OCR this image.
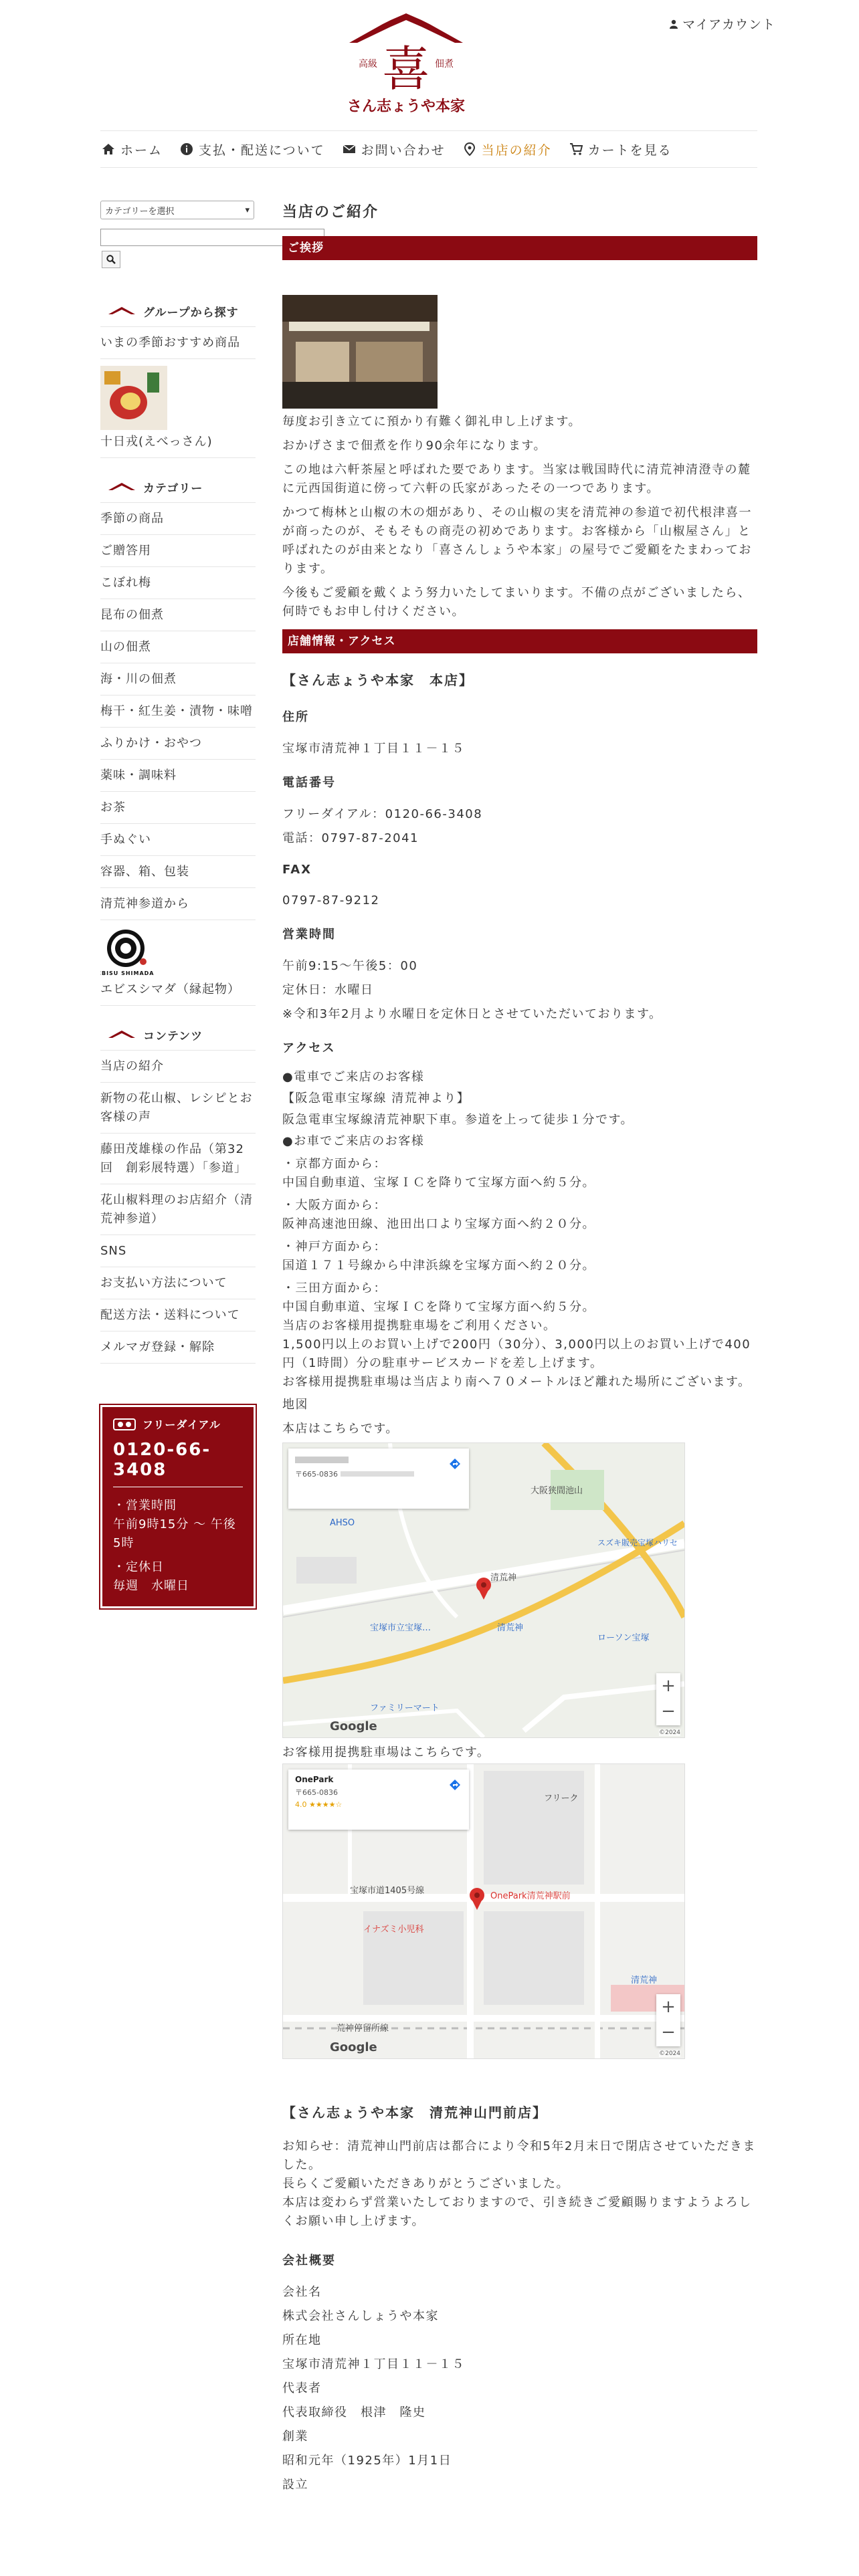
喜
高級	佃煮
さん志ょうや本家
マイアカウント
ホーム	支払・配送について	お問い合わせ	当店の紹介	カートを見る
カテゴリーを選択	▾
グループから探す
いまの季節おすすめ商品
十日戎(えべっさん)
カテゴリー
季節の商品
ご贈答用
こぼれ梅
昆布の佃煮
山の佃煮
海・川の佃煮
梅干・紅生姜・漬物・味噌
ふりかけ・おやつ
薬味・調味料
お茶
手ぬぐい
容器、箱、包装
清荒神参道から
EBISU SHIMADA
エビスシマダ（縁起物）
コンテンツ
当店の紹介
新物の花山椒、レシピとお客様の声
藤田茂雄様の作品（第32回　創彩展特選）「参道」
花山椒料理のお店紹介（清荒神参道）
SNS
お支払い方法について
配送方法・送料について
メルマガ登録・解除
フリーダイアル
0120-66-3408
・営業時間
午前9時15分 〜 午後5時
・定休日
毎週　水曜日
当店のご紹介
ご挨拶

毎度お引き立てに預かり有難く御礼申し上げます。

おかげさまで佃煮を作り90余年になります。

この地は六軒茶屋と呼ばれた要であります。当家は戦国時代に清荒神清澄寺の麓に元西国街道に傍って六軒の氏家があったその一つであります。

かつて梅林と山椒の木の畑があり、その山椒の実を清荒神の参道で初代根津喜一が商ったのが、そもそもの商売の初めであります。お客様から「山椒屋さん」と呼ばれたのが由来となり「喜さんしょうや本家」の屋号でご愛顧をたまわっております。

今後もご愛顧を戴くよう努力いたしてまいります。不備の点がございましたら、何時でもお申し付けください。

店舗情報・アクセス
【さん志ょうや本家　本店】
住所

宝塚市清荒神１丁目１１－１５

電話番号

フリーダイアル：0120-66-3408

電話：0797-87-2041

FAX

0797-87-9212

営業時間

午前9:15〜午後5：00

定休日：水曜日

※令和3年2月より水曜日を定休日とさせていただいております。

アクセス

●電車でご来店のお客様

【阪急電車宝塚線 清荒神より】

阪急電車宝塚線清荒神駅下車。参道を上って徒歩１分です。

●お車でご来店のお客様

・京都方面から：

中国自動車道、宝塚ＩＣを降りて宝塚方面へ約５分。

・大阪方面から：

阪神高速池田線、池田出口より宝塚方面へ約２０分。

・神戸方面から：

国道１７１号線から中津浜線を宝塚方面へ約２０分。

・三田方面から：

中国自動車道、宝塚ＩＣを降りて宝塚方面へ約５分。

当店のお客様用提携駐車場をご利用ください。

1,500円以上のお買い上げで200円（30分）、3,000円以上のお買い上げで400円（1時間）分の駐車サービスカードを差し上げます。

お客様用提携駐車場は当店より南へ７０メートルほど離れた場所にございます。

地図

本店はこちらです。

〒665-0836
大阪狭間池山
清荒神
清荒神
AHSO
スズキ販売宝塚ハリセ
宝塚市立宝塚…
ローソン宝塚
ファミリーマート
+
−
Google	©2024

お客様用提携駐車場はこちらです。

OnePark
〒665-0836
4.0 ★★★★☆
OnePark清荒神駅前
宝塚市道1405号線
イナズミ小児科
フリーク
清荒神
荒神停留所線
+
−
Google	©2024
【さん志ょうや本家　清荒神山門前店】

お知らせ：清荒神山門前店は都合により令和5年2月末日で閉店させていただきました。

長らくご愛顧いただきありがとうございました。

本店は変わらず営業いたしておりますので、引き続きご愛顧賜りますようよろしくお願い申し上げます。

会社概要

会社名

株式会社さんしょうや本家

所在地

宝塚市清荒神１丁目１１－１５

代表者

代表取締役　根津　隆史

創業

昭和元年（1925年）1月1日

設立
